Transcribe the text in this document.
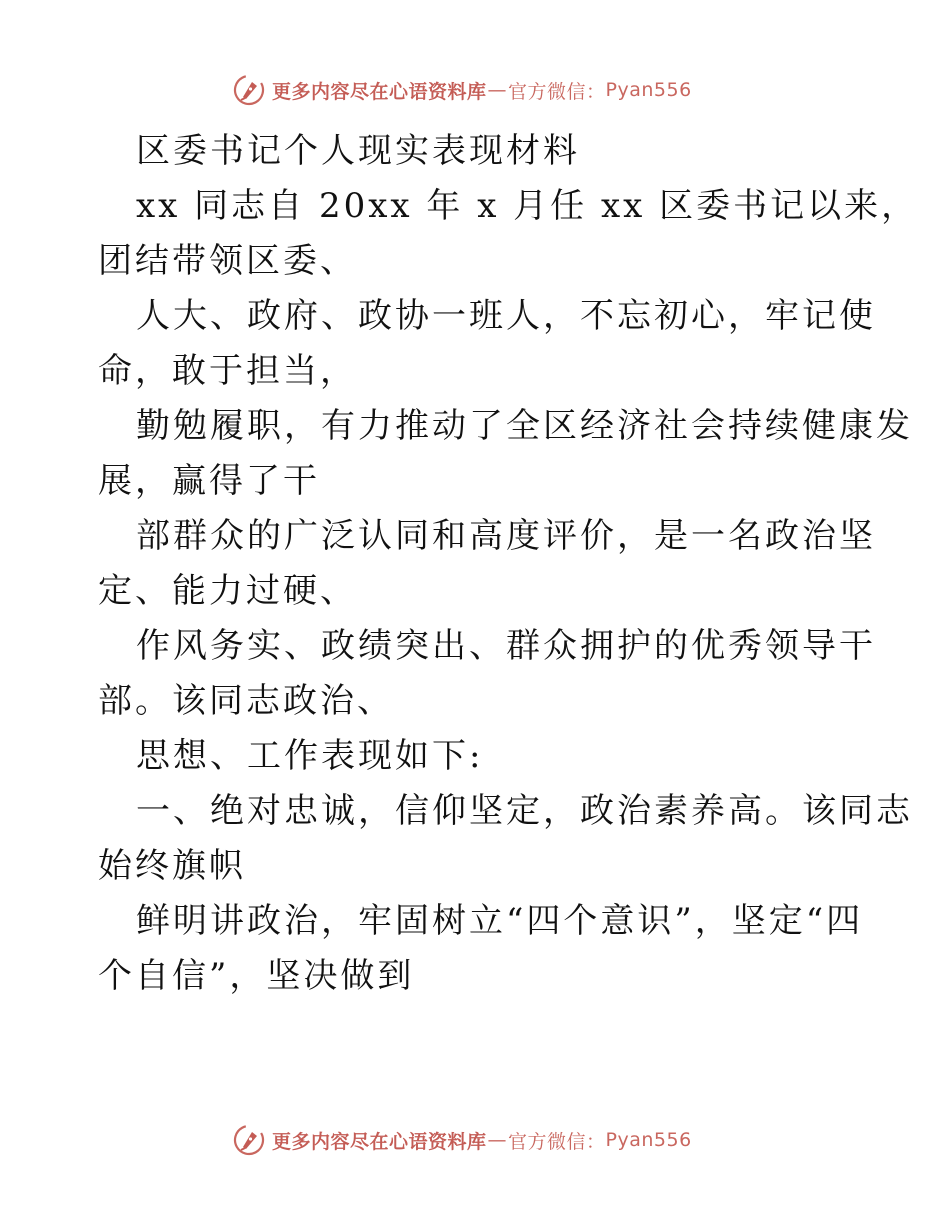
更多内容尽在心语资料库 — 官方微信： Pyan556
区委书记个人现实表现材料
xx 同志自 20xx 年 x 月任 xx 区委书记以来，
团结带领区委、
人大、政府、政协一班人，不忘初心，牢记使
命，敢于担当，
勤勉履职，有力推动了全区经济社会持续健康发
展，赢得了干
部群众的广泛认同和高度评价，是一名政治坚
定、能力过硬、
作风务实、政绩突出、群众拥护的优秀领导干
部。该同志政治、
思想、工作表现如下:
一、绝对忠诚，信仰坚定，政治素养高。该同志
始终旗帜
鲜明讲政治，牢固树立“四个意识”，坚定“四
个自信”，坚决做到
更多内容尽在心语资料库 — 官方微信： Pyan556
